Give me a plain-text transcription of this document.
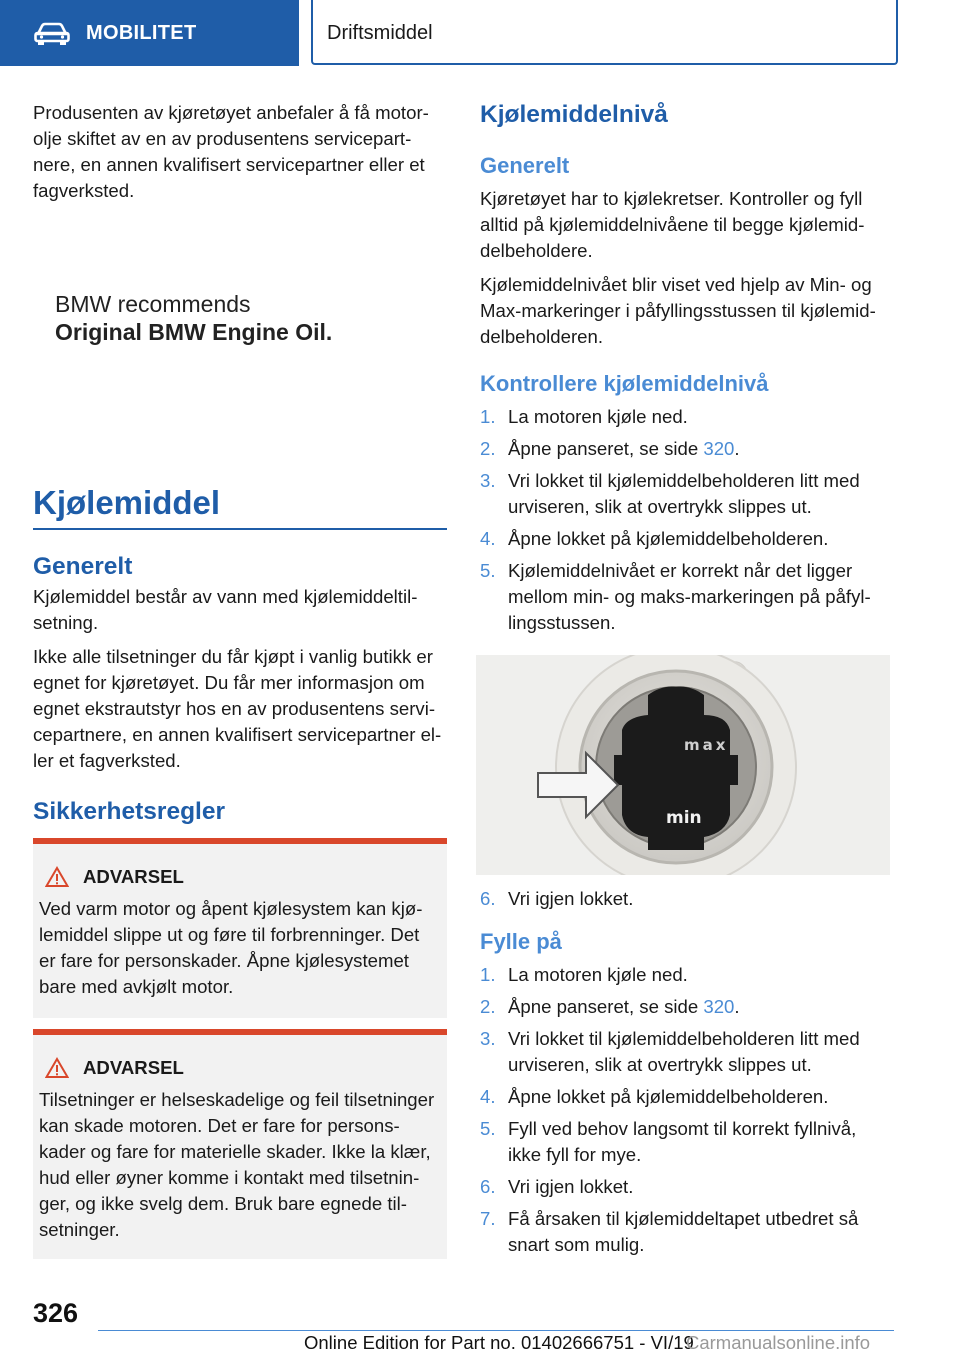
MOBILITET	Driftsmiddel

Produsenten av kjøretøyet anbefaler å få motorolje skiftet av en av produsentens servicepartnere, en annen kvalifisert servicepartner eller et fagverksted.

BMW recommends
Original BMW Engine Oil.
Kjølemiddel
Generelt

Kjølemiddel består av vann med kjølemiddeltilsetning.

Ikke alle tilsetninger du får kjøpt i vanlig butikk er egnet for kjøretøyet. Du får mer informasjon om egnet ekstrautstyr hos en av produsentens servicepartnere, en annen kvalifisert servicepartner eller et fagverksted.

Sikkerhetsregler
ADVARSEL

Ved varm motor og åpent kjølesystem kan kjølemiddel slippe ut og føre til forbrenninger. Det er fare for personskader. Åpne kjølesystemet bare med avkjølt motor.

ADVARSEL

Tilsetninger er helseskadelige og feil tilsetninger kan skade motoren. Det er fare for personskader og fare for materielle skader. Ikke la klær, hud eller øyner komme i kontakt med tilsetninger, og ikke svelg dem. Bruk bare egnede tilsetninger.

Kjølemiddelnivå
Generelt

Kjøretøyet har to kjølekretser. Kontroller og fyll alltid på kjølemiddelnivåene til begge kjølemiddelbeholdere.

Kjølemiddelnivået blir viset ved hjelp av Min- og Max-markeringer i påfyllingsstussen til kjølemiddelbeholderen.

Kontrollere kjølemiddelnivå
1. La motoren kjøle ned.
2. Åpne panseret, se side 320.
3. Vri lokket til kjølemiddelbeholderen litt med urviseren, slik at overtrykk slippes ut.
4. Åpne lokket på kjølemiddelbeholderen.
5. Kjølemiddelnivået er korrekt når det ligger mellom min- og maks-markeringen på påfyllingsstussen.
max
min
6. Vri igjen lokket.
Fylle på
1. La motoren kjøle ned.
2. Åpne panseret, se side 320.
3. Vri lokket til kjølemiddelbeholderen litt med urviseren, slik at overtrykk slippes ut.
4. Åpne lokket på kjølemiddelbeholderen.
5. Fyll ved behov langsomt til korrekt fyllnivå, ikke fyll for mye.
6. Vri igjen lokket.
7. Få årsaken til kjølemiddeltapet utbedret så snart som mulig.
326
Online Edition for Part no. 01402666751 - VI/19
Carmanualsonline.info
